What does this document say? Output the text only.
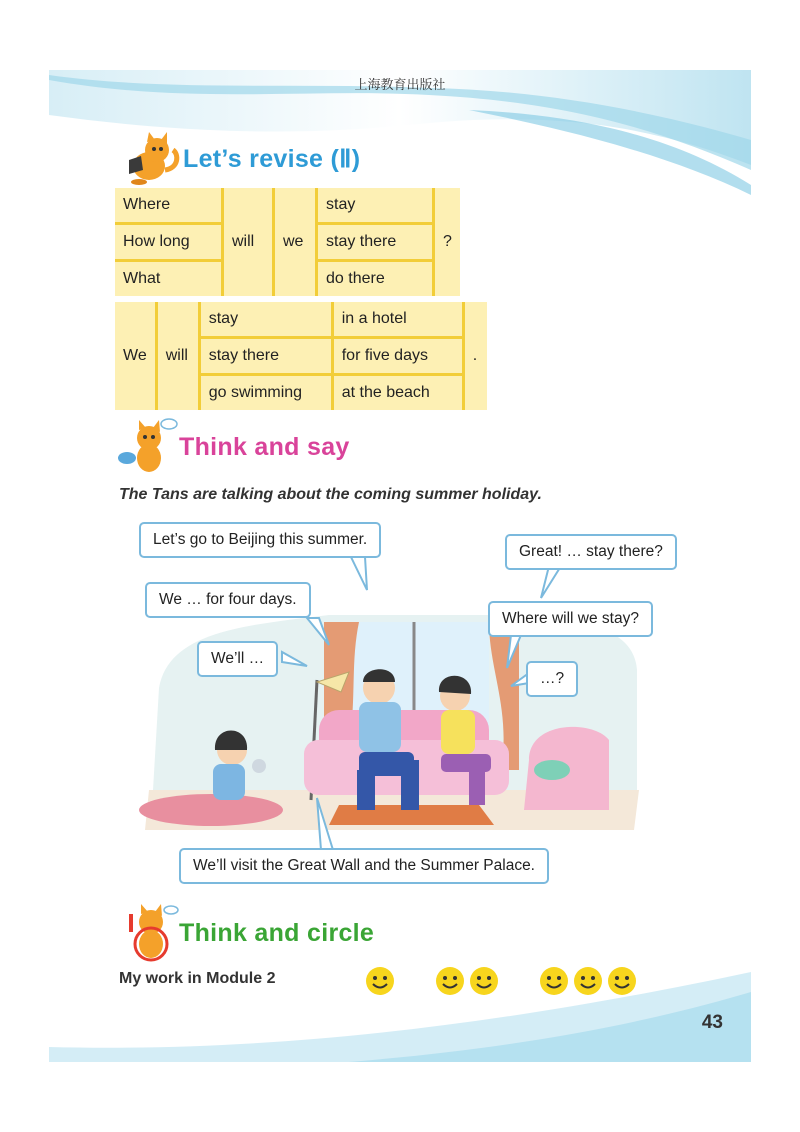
上海教育出版社
43
Let’s revise (Ⅱ)
Where	will	we	stay	?
How long			stay there	
What			do there	
We	will	stay	in a hotel	.
		stay there	for five days	
		go swimming	at the beach	
Think and say
The Tans are talking about the coming summer holiday.
Let’s go to Beijing this summer.
Great! … stay there?
We … for four days.
Where will we stay?
We’ll …
…?
We’ll visit the Great Wall and the Summer Palace.
Think and circle
My work in Module 2
